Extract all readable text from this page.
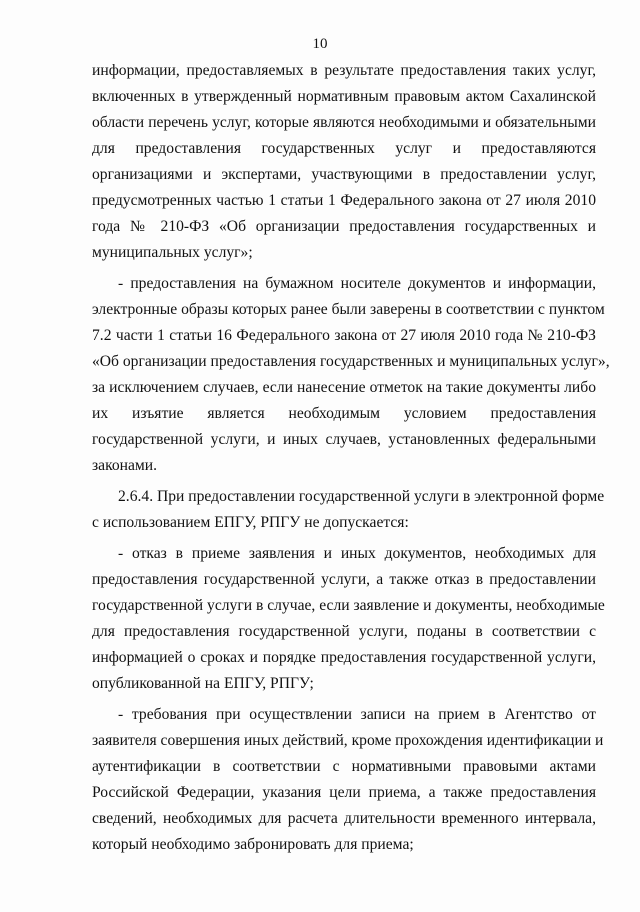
10
информации, предоставляемых в результате предоставления таких услуг,
включенных в утвержденный нормативным правовым актом Сахалинской
области перечень услуг, которые являются необходимыми и обязательными
для предоставления государственных услуг и предоставляются
организациями и экспертами, участвующими в предоставлении услуг,
предусмотренных частью 1 статьи 1 Федерального закона от 27 июля 2010
года № 210-ФЗ «Об организации предоставления государственных и
муниципальных услуг»;
- предоставления на бумажном носителе документов и информации,
электронные образы которых ранее были заверены в соответствии с пунктом
7.2 части 1 статьи 16 Федерального закона от 27 июля 2010 года № 210-ФЗ
«Об организации предоставления государственных и муниципальных услуг»,
за исключением случаев, если нанесение отметок на такие документы либо
их изъятие является необходимым условием предоставления
государственной услуги, и иных случаев, установленных федеральными
законами.
2.6.4. При предоставлении государственной услуги в электронной форме
с использованием ЕПГУ, РПГУ не допускается:
- отказ в приеме заявления и иных документов, необходимых для
предоставления государственной услуги, а также отказ в предоставлении
государственной услуги в случае, если заявление и документы, необходимые
для предоставления государственной услуги, поданы в соответствии с
информацией о сроках и порядке предоставления государственной услуги,
опубликованной на ЕПГУ, РПГУ;
- требования при осуществлении записи на прием в Агентство от
заявителя совершения иных действий, кроме прохождения идентификации и
аутентификации в соответствии с нормативными правовыми актами
Российской Федерации, указания цели приема, а также предоставления
сведений, необходимых для расчета длительности временного интервала,
который необходимо забронировать для приема;
